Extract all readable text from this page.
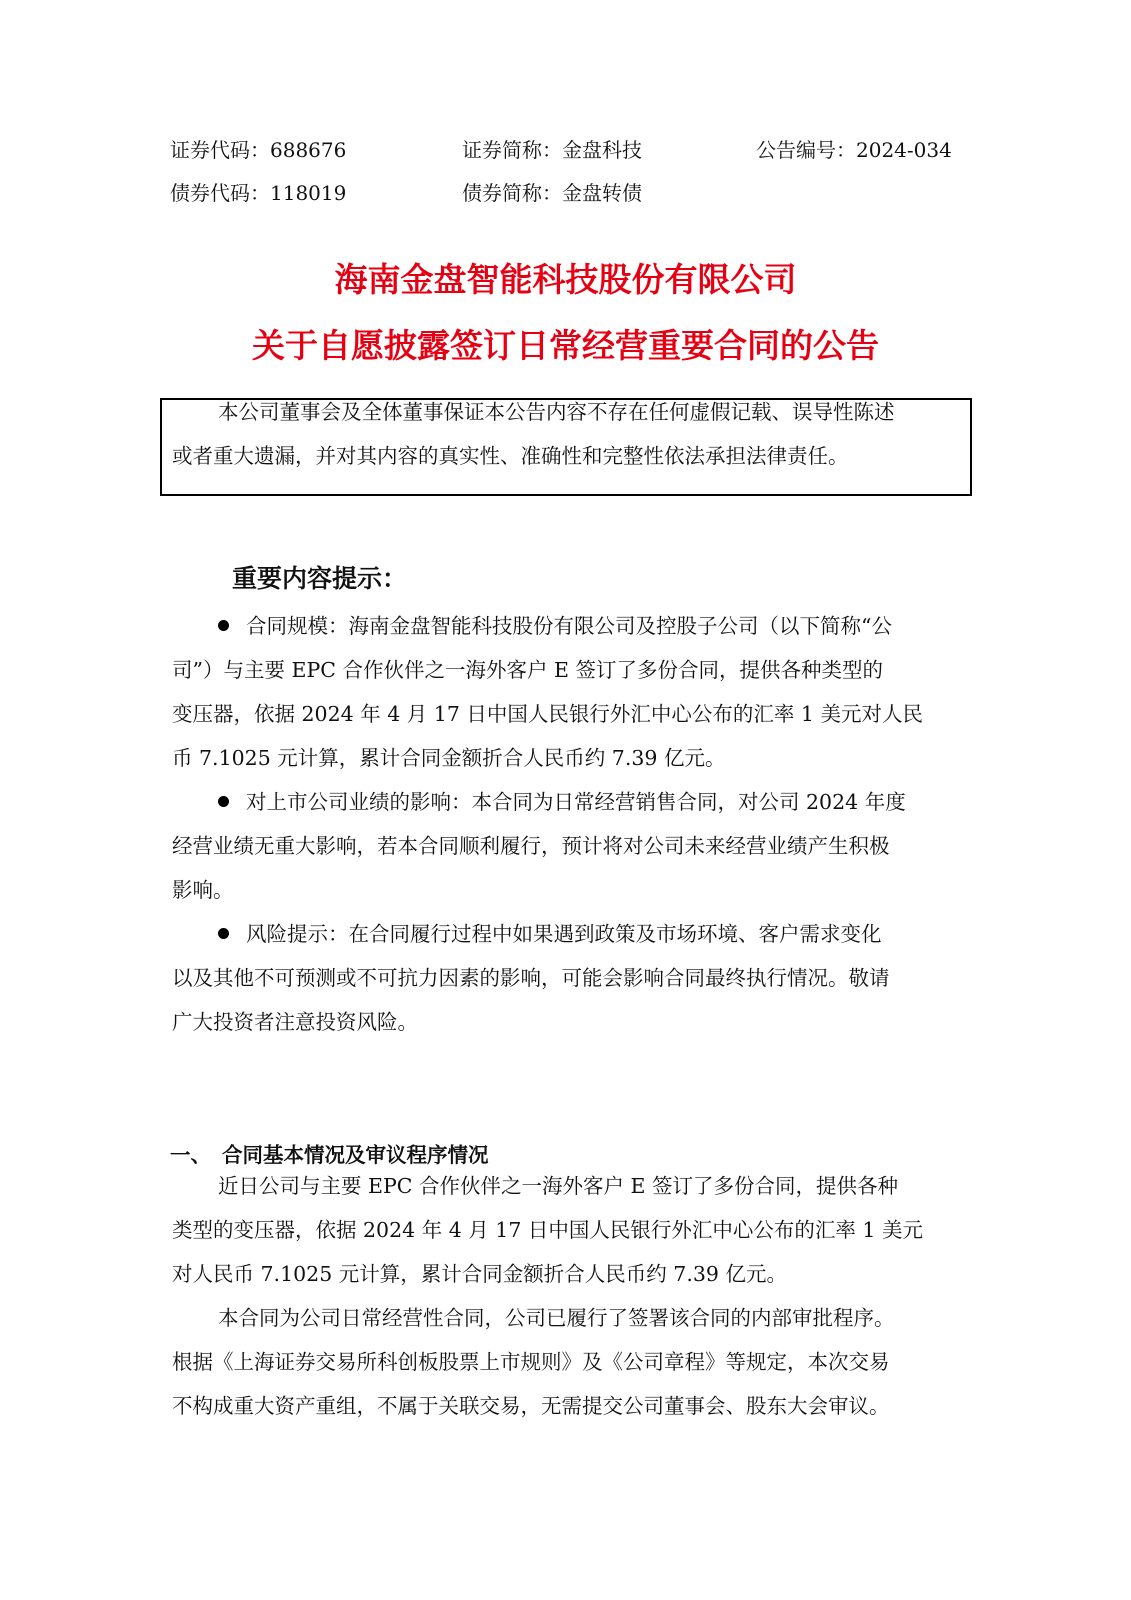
证券代码：688676	证券简称：金盘科技	公告编号：2024-034
债券代码：118019	债券简称：金盘转债
海南金盘智能科技股份有限公司
关于自愿披露签订日常经营重要合同的公告
本公司董事会及全体董事保证本公告内容不存在任何虚假记载、误导性陈述
或者重大遗漏，并对其内容的真实性、准确性和完整性依法承担法律责任。
重要内容提示：
合同规模：海南金盘智能科技股份有限公司及控股子公司（以下简称“公
司”）与主要 EPC 合作伙伴之一海外客户 E 签订了多份合同，提供各种类型的
变压器，依据 2024 年 4 月 17 日中国人民银行外汇中心公布的汇率 1 美元对人民
币 7.1025 元计算，累计合同金额折合人民币约 7.39 亿元。
对上市公司业绩的影响：本合同为日常经营销售合同，对公司 2024 年度
经营业绩无重大影响，若本合同顺利履行，预计将对公司未来经营业绩产生积极
影响。
风险提示：在合同履行过程中如果遇到政策及市场环境、客户需求变化
以及其他不可预测或不可抗力因素的影响，可能会影响合同最终执行情况。敬请
广大投资者注意投资风险。
一、 合同基本情况及审议程序情况
近日公司与主要 EPC 合作伙伴之一海外客户 E 签订了多份合同，提供各种
类型的变压器，依据 2024 年 4 月 17 日中国人民银行外汇中心公布的汇率 1 美元
对人民币 7.1025 元计算，累计合同金额折合人民币约 7.39 亿元。
本合同为公司日常经营性合同，公司已履行了签署该合同的内部审批程序。
根据《上海证券交易所科创板股票上市规则》及《公司章程》等规定，本次交易
不构成重大资产重组，不属于关联交易，无需提交公司董事会、股东大会审议。
